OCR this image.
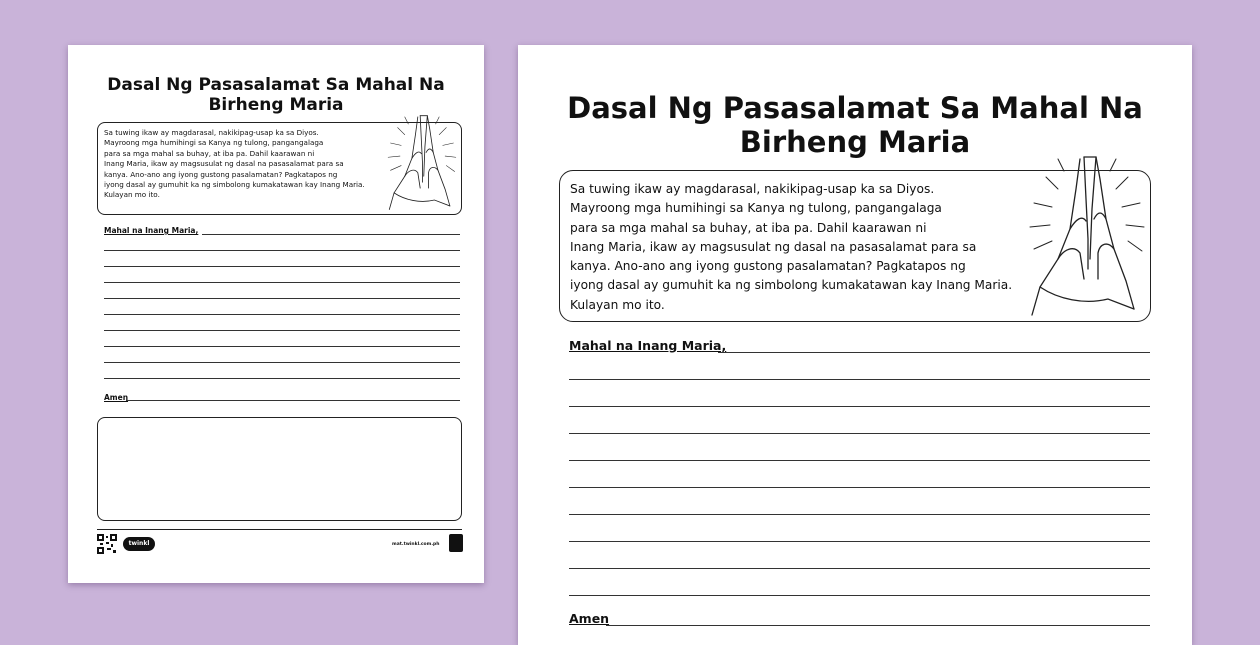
Dasal Ng Pasasalamat Sa Mahal Na
Birheng Maria
Sa tuwing ikaw ay magdarasal, nakikipag-usap ka sa Diyos.
Mayroong mga humihingi sa Kanya ng tulong, pangangalaga
para sa mga mahal sa buhay, at iba pa. Dahil kaarawan ni
Inang Maria, ikaw ay magsusulat ng dasal na pasasalamat para sa
kanya. Ano-ano ang iyong gustong pasalamatan? Pagkatapos ng
iyong dasal ay gumuhit ka ng simbolong kumakatawan kay Inang Maria.
Kulayan mo ito.
Mahal na Inang Maria,
Amen
twinkl	mat.twinkl.com.ph
Dasal Ng Pasasalamat Sa Mahal Na
Birheng Maria
Sa tuwing ikaw ay magdarasal, nakikipag-usap ka sa Diyos.
Mayroong mga humihingi sa Kanya ng tulong, pangangalaga
para sa mga mahal sa buhay, at iba pa. Dahil kaarawan ni
Inang Maria, ikaw ay magsusulat ng dasal na pasasalamat para sa
kanya. Ano-ano ang iyong gustong pasalamatan? Pagkatapos ng
iyong dasal ay gumuhit ka ng simbolong kumakatawan kay Inang Maria.
Kulayan mo ito.
Mahal na Inang Maria,
Amen
